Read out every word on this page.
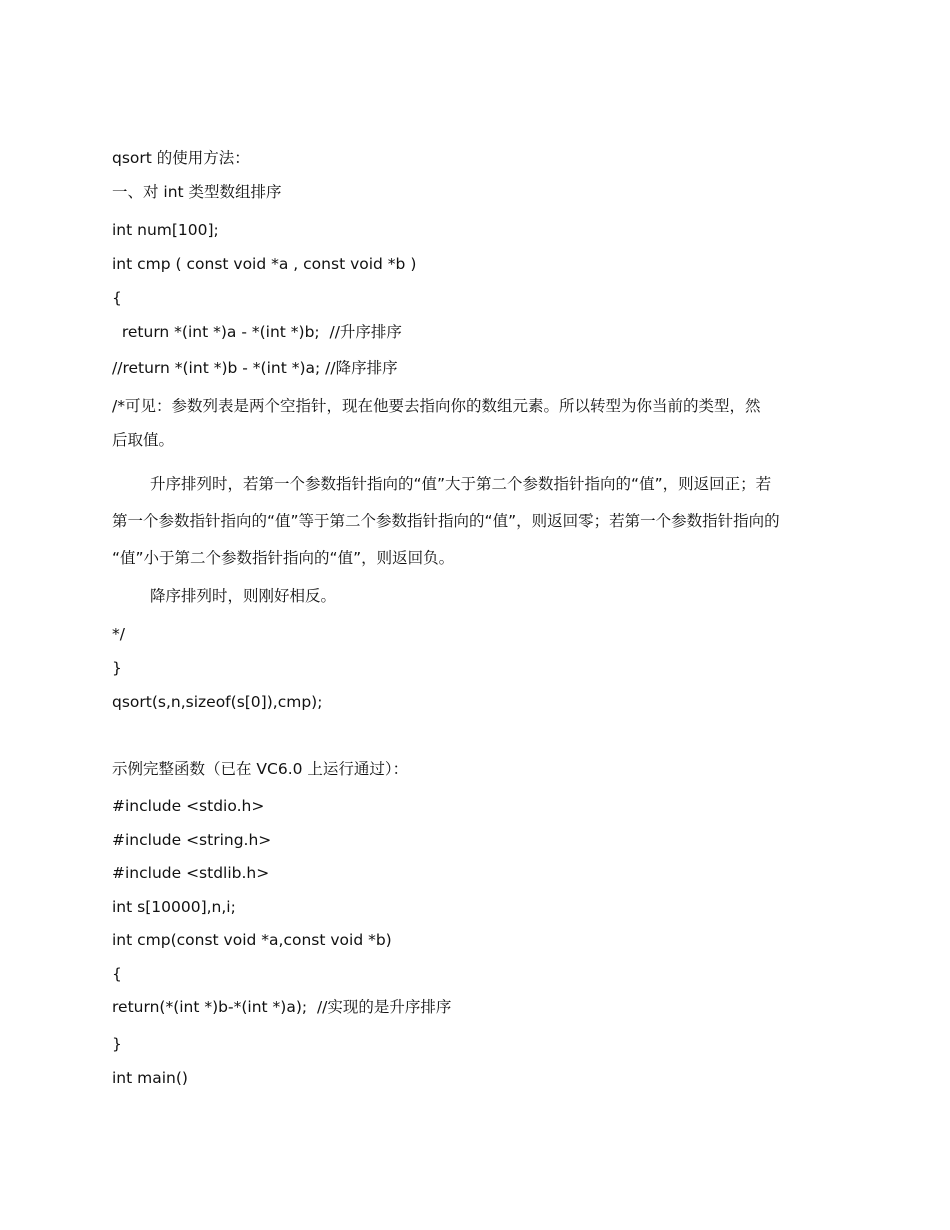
qsort 的使用方法：
一、对 int 类型数组排序
int num[100];
int cmp ( const void *a , const void *b )
{
return *(int *)a - *(int *)b;  //升序排序
//return *(int *)b - *(int *)a; //降序排序
/*可见：参数列表是两个空指针，现在他要去指向你的数组元素。所以转型为你当前的类型，然
后取值。
升序排列时，若第一个参数指针指向的“值”大于第二个参数指针指向的“值”，则返回正；若
第一个参数指针指向的“值”等于第二个参数指针指向的“值”，则返回零；若第一个参数指针指向的
“值”小于第二个参数指针指向的“值”，则返回负。
降序排列时，则刚好相反。
*/
}
qsort(s,n,sizeof(s[0]),cmp);
示例完整函数（已在 VC6.0 上运行通过）：
#include <stdio.h>
#include <string.h>
#include <stdlib.h>
int s[10000],n,i;
int cmp(const void *a,const void *b)
{
return(*(int *)b-*(int *)a);  //实现的是升序排序
}
int main()
